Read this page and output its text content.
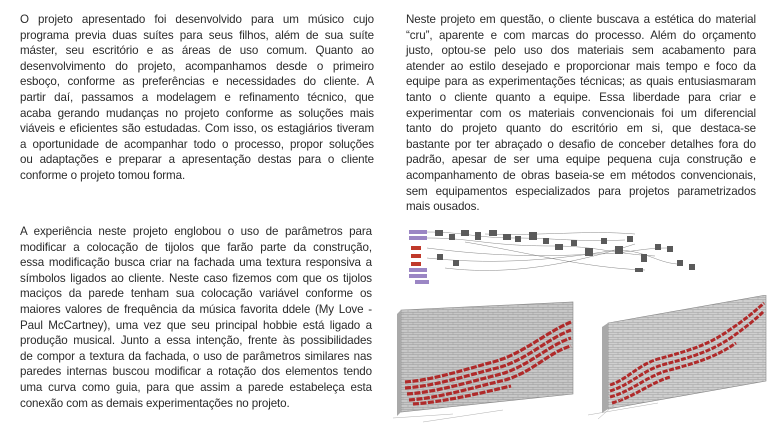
O projeto apresentado foi desenvolvido para um músico cujo
programa previa duas suítes para seus filhos, além de sua suíte
máster, seu escritório e as áreas de uso comum. Quanto ao
desenvolvimento do projeto, acompanhamos desde o primeiro
esboço, conforme as preferências e necessidades do cliente. A
partir daí, passamos a modelagem e refinamento técnico, que
acaba gerando mudanças no projeto conforme as soluções mais
viáveis e eficientes são estudadas. Com isso, os estagiários tiveram
a oportunidade de acompanhar todo o processo, propor soluções
ou adaptações e preparar a apresentação destas para o cliente
conforme o projeto tomou forma.
Neste projeto em questão, o cliente buscava a estética do material
“cru”, aparente e com marcas do processo. Além do orçamento
justo, optou-se pelo uso dos materiais sem acabamento para
atender ao estilo desejado e proporcionar mais tempo e foco da
equipe para as experimentações técnicas; as quais entusiasmaram
tanto o cliente quanto a equipe. Essa liberdade para criar e
experimentar com os materiais convencionais foi um diferencial
tanto do projeto quanto do escritório em si, que destaca-se
bastante por ter abraçado o desafio de conceber detalhes fora do
padrão, apesar de ser uma equipe pequena cuja construção e
acompanhamento de obras baseia-se em métodos convencionais,
sem equipamentos especializados para projetos parametrizados
mais ousados.
A experiência neste projeto englobou o uso de parâmetros para
modificar a colocação de tijolos que farão parte da construção,
essa modificação busca criar na fachada uma textura responsiva a
símbolos ligados ao cliente. Neste caso fizemos com que os tijolos
maciços da parede tenham sua colocação variável conforme os
maiores valores de frequência da música favorita ddele (My Love -
Paul McCartney), uma vez que seu principal hobbie está ligado a
produção musical. Junto a essa intenção, frente às possibilidades
de compor a textura da fachada, o uso de parâmetros similares nas
paredes internas buscou modificar a rotação dos elementos tendo
uma curva como guia, para que assim a parede estabeleça esta
conexão com as demais experimentações no projeto.
